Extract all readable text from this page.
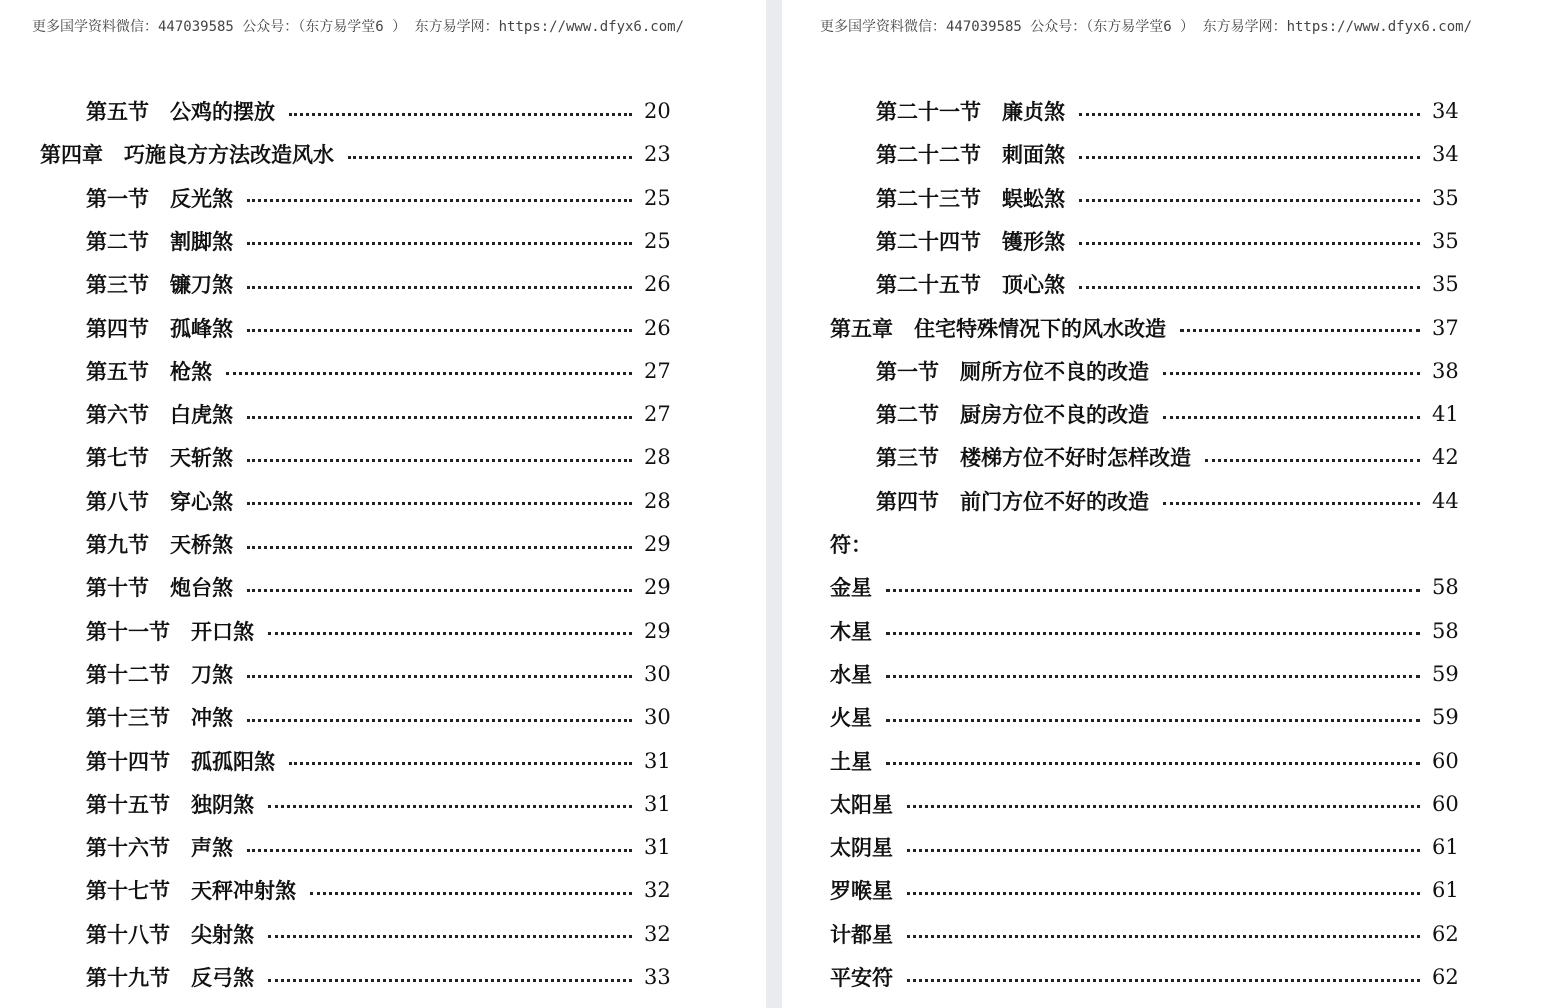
更多国学资料微信：447039585 公众号：（东方易学堂6 ） 东方易学网：https://www.dfyx6.com/
第五节　公鸡的摆放	20
第四章　巧施良方方法改造风水	23
第一节　反光煞	25
第二节　割脚煞	25
第三节　镰刀煞	26
第四节　孤峰煞	26
第五节　枪煞	27
第六节　白虎煞	27
第七节　天斩煞	28
第八节　穿心煞	28
第九节　天桥煞	29
第十节　炮台煞	29
第十一节　开口煞	29
第十二节　刀煞	30
第十三节　冲煞	30
第十四节　孤孤阳煞	31
第十五节　独阴煞	31
第十六节　声煞	31
第十七节　天秤冲射煞	32
第十八节　尖射煞	32
第十九节　反弓煞	33
更多国学资料微信：447039585 公众号：（东方易学堂6 ） 东方易学网：https://www.dfyx6.com/
第二十一节　廉贞煞	34
第二十二节　刺面煞	34
第二十三节　蜈蚣煞	35
第二十四节　镬形煞	35
第二十五节　顶心煞	35
第五章　住宅特殊情况下的风水改造	37
第一节　厕所方位不良的改造	38
第二节　厨房方位不良的改造	41
第三节　楼梯方位不好时怎样改造	42
第四节　前门方位不好的改造	44
符：
金星	58
木星	58
水星	59
火星	59
土星	60
太阳星	60
太阴星	61
罗喉星	61
计都星	62
平安符	62
